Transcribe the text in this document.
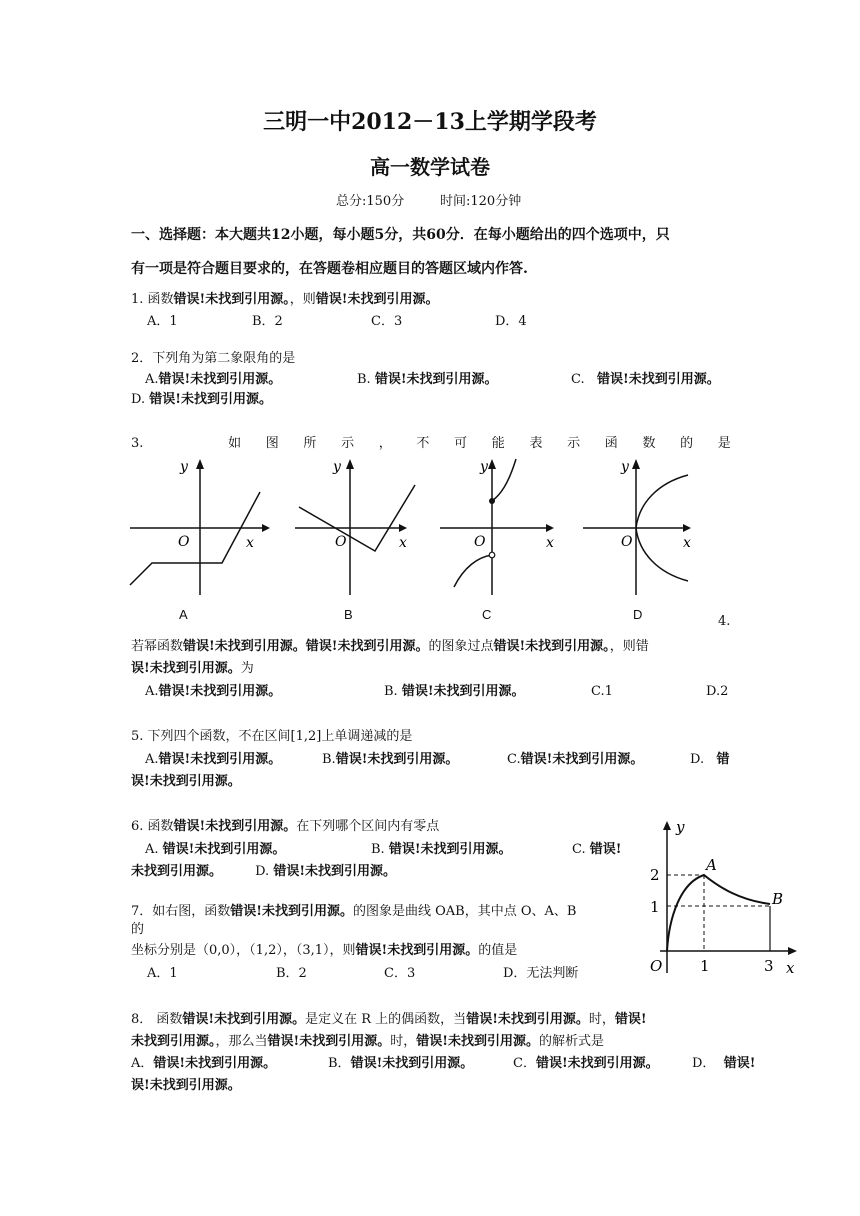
三明一中2012－13上学期学段考
高一数学试卷
总分:150分	时间:120分钟
一、选择题：本大题共12小题，每小题5分，共60分．在每小题给出的四个选项中，只
有一项是符合题目要求的，在答题卷相应题目的答题区域内作答.
1. 函数错误!未找到引用源。，则错误!未找到引用源。
A．1	B．2	C．3	D．4
2．下列角为第二象限角的是
A.错误!未找到引用源。	B. 错误!未找到引用源。	C. 错误!未找到引用源。
D. 错误!未找到引用源。
3.	如 图 所 示 ， 不 可 能 表 示 函 数 的 是
y
x
O
A
y
x
O
B
y
x
O
C
y
x
O
D	4.
若幂函数错误!未找到引用源。错误!未找到引用源。的图象过点错误!未找到引用源。，则错
误!未找到引用源。为
A.错误!未找到引用源。	B. 错误!未找到引用源。	C.1	D.2
5. 下列四个函数，不在区间[1,2]上单调递减的是
A.错误!未找到引用源。	B.错误!未找到引用源。	C.错误!未找到引用源。	D. 错
误!未找到引用源。
6. 函数错误!未找到引用源。在下列哪个区间内有零点
A. 错误!未找到引用源。	B. 错误!未找到引用源。	C. 错误!
未找到引用源。	D. 错误!未找到引用源。
y
x
O
A
B
2
1
1	3
7．如右图，函数错误!未找到引用源。的图象是曲线 OAB，其中点 O、A、B
的
坐标分别是（0,0），（1,2），（3,1），则错误!未找到引用源。的值是
A．1	B．2	C．3	D．无法判断
8． 函数错误!未找到引用源。是定义在 R 上的偶函数，当错误!未找到引用源。时，错误!
未找到引用源。，那么当错误!未找到引用源。时，错误!未找到引用源。的解析式是
A．错误!未找到引用源。	B．错误!未找到引用源。	C．错误!未找到引用源。	D． 错误!
误!未找到引用源。
